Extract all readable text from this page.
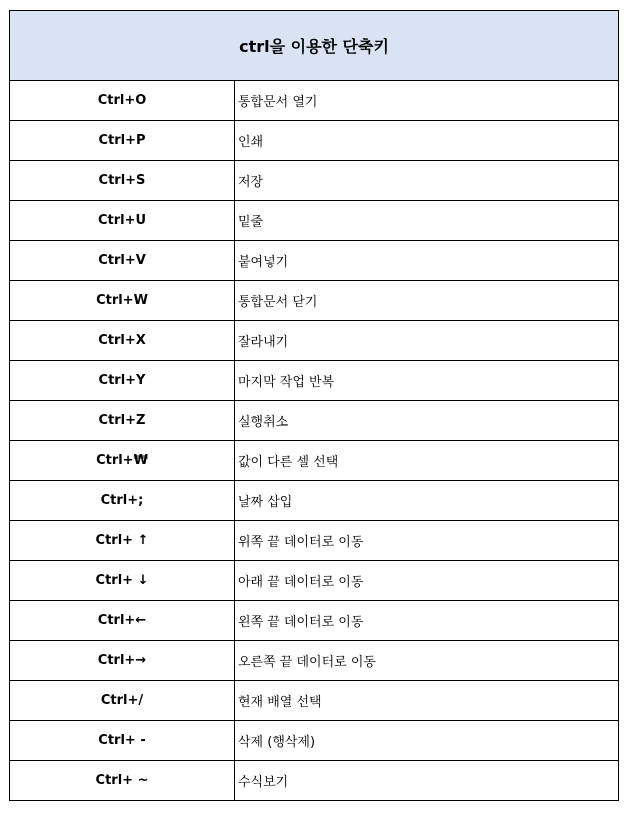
ctrl을 이용한 단축키	
Ctrl+O	통합문서 열기
Ctrl+P	인쇄
Ctrl+S	저장
Ctrl+U	밑줄
Ctrl+V	붙여넣기
Ctrl+W	통합문서 닫기
Ctrl+X	잘라내기
Ctrl+Y	마지막 작업 반복
Ctrl+Z	실행취소
Ctrl+₩	값이 다른 셀 선택
Ctrl+;	날짜 삽입
Ctrl+ ↑	위쪽 끝 데이터로 이동
Ctrl+ ↓	아래 끝 데이터로 이동
Ctrl+←	왼쪽 끝 데이터로 이동
Ctrl+→	오른쪽 끝 데이터로 이동
Ctrl+/	현재 배열 선택
Ctrl+ -	삭제 (행삭제)
Ctrl+ ~	수식보기
